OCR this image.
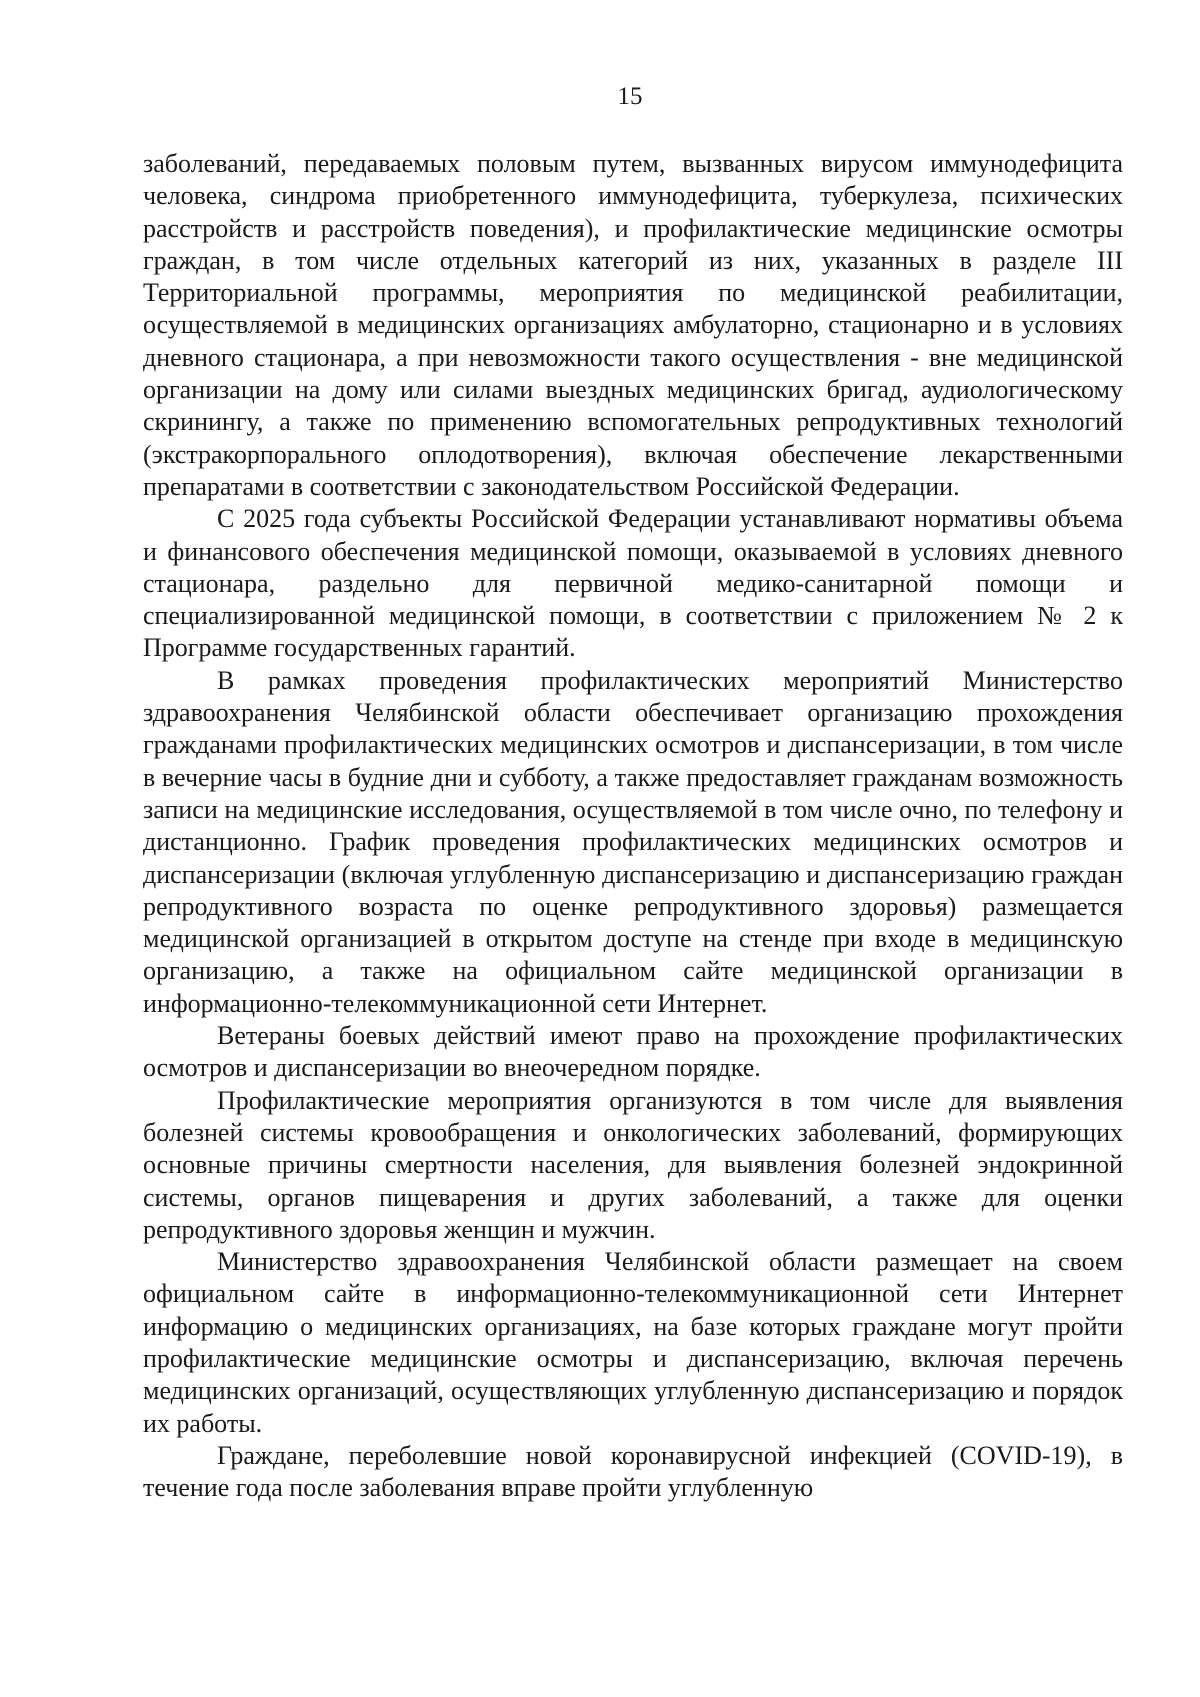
15

заболеваний, передаваемых половым путем, вызванных вирусом иммунодефицита человека, синдрома приобретенного иммунодефицита, туберкулеза, психических расстройств и расстройств поведения), и профилактические медицинские осмотры граждан, в том числе отдельных категорий из них, указанных в разделе III Территориальной программы, мероприятия по медицинской реабилитации, осуществляемой в медицинских организациях амбулаторно, стационарно и в условиях дневного стационара, а при невозможности такого осуществления - вне медицинской организации на дому или силами выездных медицинских бригад, аудиологическому скринингу, а также по применению вспомогательных репродуктивных технологий (экстракорпорального оплодотворения), включая обеспечение лекарственными препаратами в соответствии с законодательством Российской Федерации.

С 2025 года субъекты Российской Федерации устанавливают нормативы объема и финансового обеспечения медицинской помощи, оказываемой в условиях дневного стационара, раздельно для первичной медико-санитарной помощи и специализированной медицинской помощи, в соответствии с приложением № 2 к Программе государственных гарантий.

В рамках проведения профилактических мероприятий Министерство здравоохранения Челябинской области обеспечивает организацию прохождения гражданами профилактических медицинских осмотров и диспансеризации, в том числе в вечерние часы в будние дни и субботу, а также предоставляет гражданам возможность записи на медицинские исследования, осуществляемой в том числе очно, по телефону и дистанционно. График проведения профилактических медицинских осмотров и диспансеризации (включая углубленную диспансеризацию и диспансеризацию граждан репродуктивного возраста по оценке репродуктивного здоровья) размещается медицинской организацией в открытом доступе на стенде при входе в медицинскую организацию, а также на официальном сайте медицинской организации в информационно-телекоммуникационной сети Интернет.

Ветераны боевых действий имеют право на прохождение профилактических осмотров и диспансеризации во внеочередном порядке.

Профилактические мероприятия организуются в том числе для выявления болезней системы кровообращения и онкологических заболеваний, формирующих основные причины смертности населения, для выявления болезней эндокринной системы, органов пищеварения и других заболеваний, а также для оценки репродуктивного здоровья женщин и мужчин.

Министерство здравоохранения Челябинской области размещает на своем официальном сайте в информационно-телекоммуникационной сети Интернет информацию о медицинских организациях, на базе которых граждане могут пройти профилактические медицинские осмотры и диспансеризацию, включая перечень медицинских организаций, осуществляющих углубленную диспансеризацию и порядок их работы.

Граждане, переболевшие новой коронавирусной инфекцией (COVID-19), в течение года после заболевания вправе пройти углубленную
